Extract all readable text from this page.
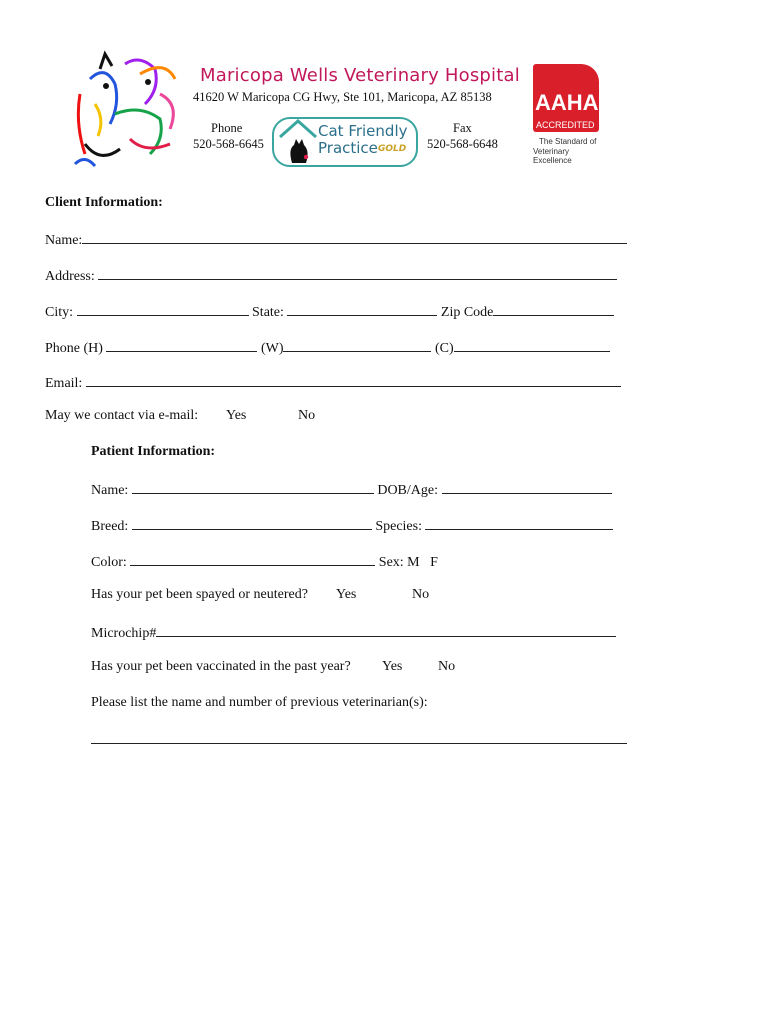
Maricopa Wells Veterinary Hospital
41620 W Maricopa CG Hwy, Ste 101, Maricopa, AZ 85138
Phone
520-568-6645
Fax
520-568-6648
Cat Friendly
Practice GOLD
AAHA
ACCREDITED
The Standard of
Veterinary Excellence
Client Information:
Name:
Address:
City:	State:	Zip Code
Phone (H)	(W)	(C)
Email:
May we contact via e-mail: Yes	No
Patient Information:
Name:	DOB/Age:
Breed:	Species:
Color:	Sex: M F
Has your pet been spayed or neutered? Yes	No
Microchip#
Has your pet been vaccinated in the past year? Yes	No
Please list the name and number of previous veterinarian(s):
